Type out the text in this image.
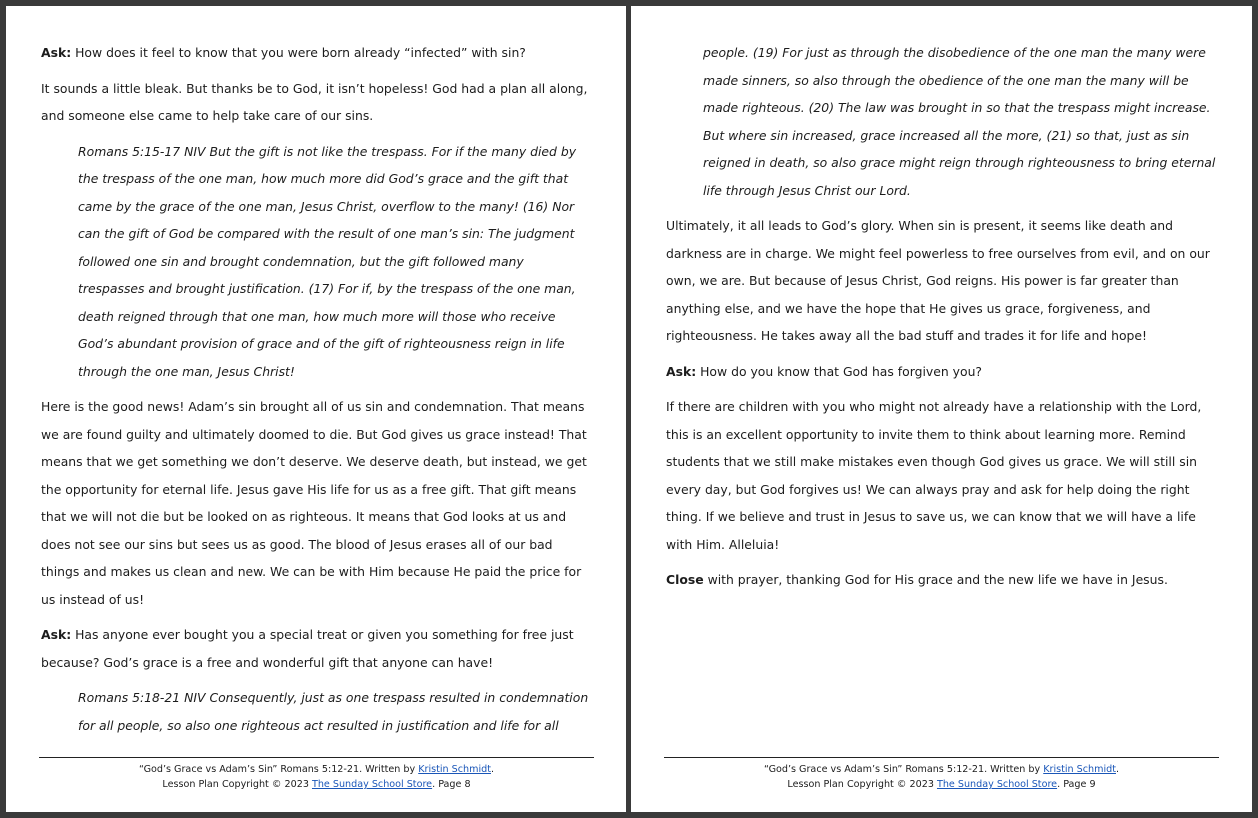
Ask: How does it feel to know that you were born already “infected” with sin?

It sounds a little bleak. But thanks be to God, it isn’t hopeless! God had a plan all along, and someone else came to help take care of our sins.

Romans 5:15-17 NIV But the gift is not like the trespass. For if the many died by the trespass of the one man, how much more did God’s grace and the gift that came by the grace of the one man, Jesus Christ, overflow to the many! (16) Nor can the gift of God be compared with the result of one man’s sin: The judgment followed one sin and brought condemnation, but the gift followed many trespasses and brought justification. (17) For if, by the trespass of the one man, death reigned through that one man, how much more will those who receive God’s abundant provision of grace and of the gift of righteousness reign in life through the one man, Jesus Christ!

Here is the good news! Adam’s sin brought all of us sin and condemnation. That means we are found guilty and ultimately doomed to die. But God gives us grace instead! That means that we get something we don’t deserve. We deserve death, but instead, we get the opportunity for eternal life. Jesus gave His life for us as a free gift. That gift means that we will not die but be looked on as righteous. It means that God looks at us and does not see our sins but sees us as good. The blood of Jesus erases all of our bad things and makes us clean and new. We can be with Him because He paid the price for us instead of us!

Ask: Has anyone ever bought you a special treat or given you something for free just because? God’s grace is a free and wonderful gift that anyone can have!

Romans 5:18-21 NIV Consequently, just as one trespass resulted in condemnation for all people, so also one righteous act resulted in justification and life for all

“God’s Grace vs Adam’s Sin” Romans 5:12-21. Written by Kristin Schmidt.
Lesson Plan Copyright © 2023 The Sunday School Store. Page 8

people. (19) For just as through the disobedience of the one man the many were made sinners, so also through the obedience of the one man the many will be made righteous. (20) The law was brought in so that the trespass might increase. But where sin increased, grace increased all the more, (21) so that, just as sin reigned in death, so also grace might reign through righteousness to bring eternal life through Jesus Christ our Lord.

Ultimately, it all leads to God’s glory. When sin is present, it seems like death and darkness are in charge. We might feel powerless to free ourselves from evil, and on our own, we are. But because of Jesus Christ, God reigns. His power is far greater than anything else, and we have the hope that He gives us grace, forgiveness, and righteousness. He takes away all the bad stuff and trades it for life and hope!

Ask: How do you know that God has forgiven you?

If there are children with you who might not already have a relationship with the Lord, this is an excellent opportunity to invite them to think about learning more. Remind students that we still make mistakes even though God gives us grace. We will still sin every day, but God forgives us! We can always pray and ask for help doing the right thing. If we believe and trust in Jesus to save us, we can know that we will have a life with Him. Alleluia!

Close with prayer, thanking God for His grace and the new life we have in Jesus.

“God’s Grace vs Adam’s Sin” Romans 5:12-21. Written by Kristin Schmidt.
Lesson Plan Copyright © 2023 The Sunday School Store. Page 9
